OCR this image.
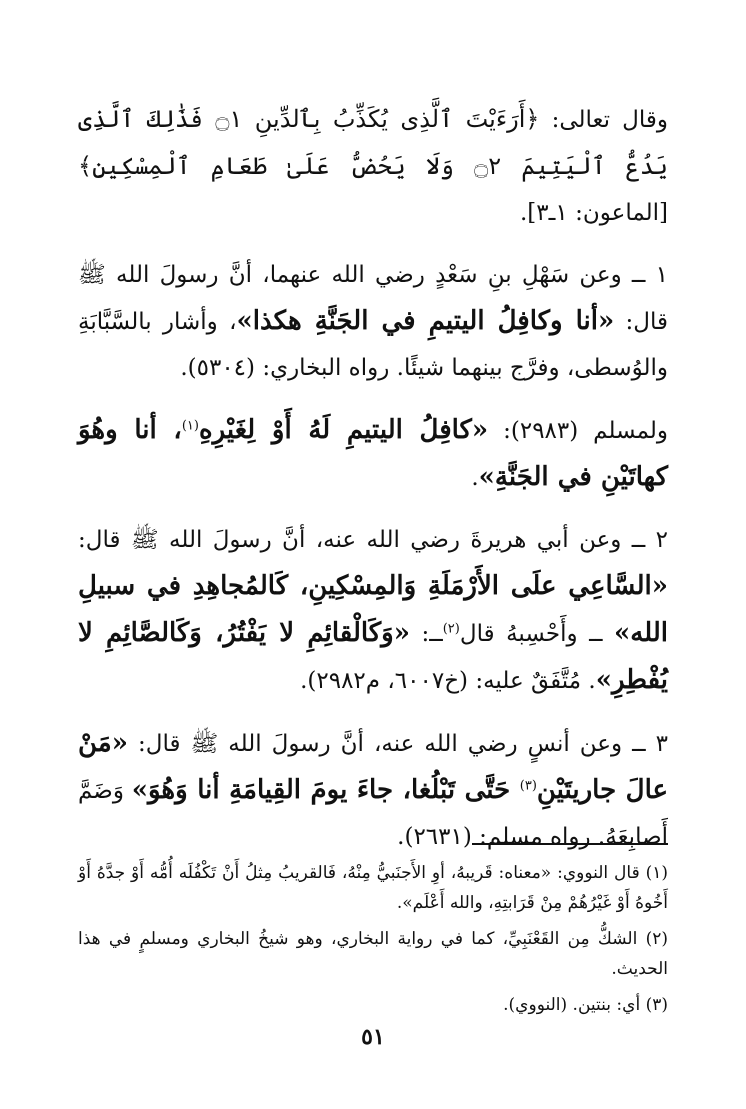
وقال تعالى: ﴿أَرَءَيْتَ ٱلَّذِى يُكَذِّبُ بِٱلدِّينِ ۝١ فَذَٰلِكَ ٱلَّذِى يَدُعُّ ٱلْيَتِيمَ ۝٢ وَلَا يَحُضُّ عَلَىٰ طَعَامِ ٱلْمِسْكِينِ﴾ [الماعون: ١ـ٣].

١ ــ وعن سَهْلِ بنِ سَعْدٍ رضي الله عنهما، أنَّ رسولَ الله ﷺ قال: «أنا وكافِلُ اليتيمِ في الجَنَّةِ هكذا»، وأشار بالسَّبَّابَةِ والوُسطى، وفرَّج بينهما شيئًا. رواه البخاري: (٥٣٠٤).

ولمسلم (٢٩٨٣): «كافِلُ اليتيمِ لَهُ أَوْ لِغَيْرِهِ$^{(١)}$، أنا وهُوَ كهاتَيْنِ في الجَنَّةِ».

٢ ــ وعن أبي هريرةَ رضي الله عنه، أنَّ رسولَ الله ﷺ قال: «السَّاعِي علَى الأَرْمَلَةِ وَالمِسْكِينِ، كَالمُجاهِدِ في سبيلِ الله» ــ وأَحْسِبهُ قال$^{(٢)}$ــ: «وَكَالْقائِمِ لا يَفْتُرُ، وَكَالصَّائِمِ لا يُفْطِرِ». مُتَّفَقٌ عليه: (خ٦٠٠٧، م٢٩٨٢).

٣ ــ وعن أنسٍ رضي الله عنه، أنَّ رسولَ الله ﷺ قال: «مَنْ عالَ جاريتَيْنِ$^{(٣)}$ حَتَّى تَبْلُغا، جاءَ يومَ القِيامَةِ أنا وَهُوَ» وَضَمَّ أَصابِعَهُ. رواه مسلم: (٢٦٣١).

(١) قال النووي: «معناه: قَريبهُ، أوِ الأَجنَبيُّ مِنْهُ، فَالقريبُ مِثلُ أَنْ تَكْفُلَه أُمُّه أَوْ جدَّهُ أَوْ أَخُوهُ أَوْ غَيْرُهُمْ مِنْ قَرَابتِهِ، والله أَعْلَم».

(٢) الشكُّ مِن القَعْنَبِيِّ، كما في رواية البخاري، وهو شيخُ البخاري ومسلمٍ في هذا الحديث.

(٣) أي: بنتين. (النووي).

٥١
